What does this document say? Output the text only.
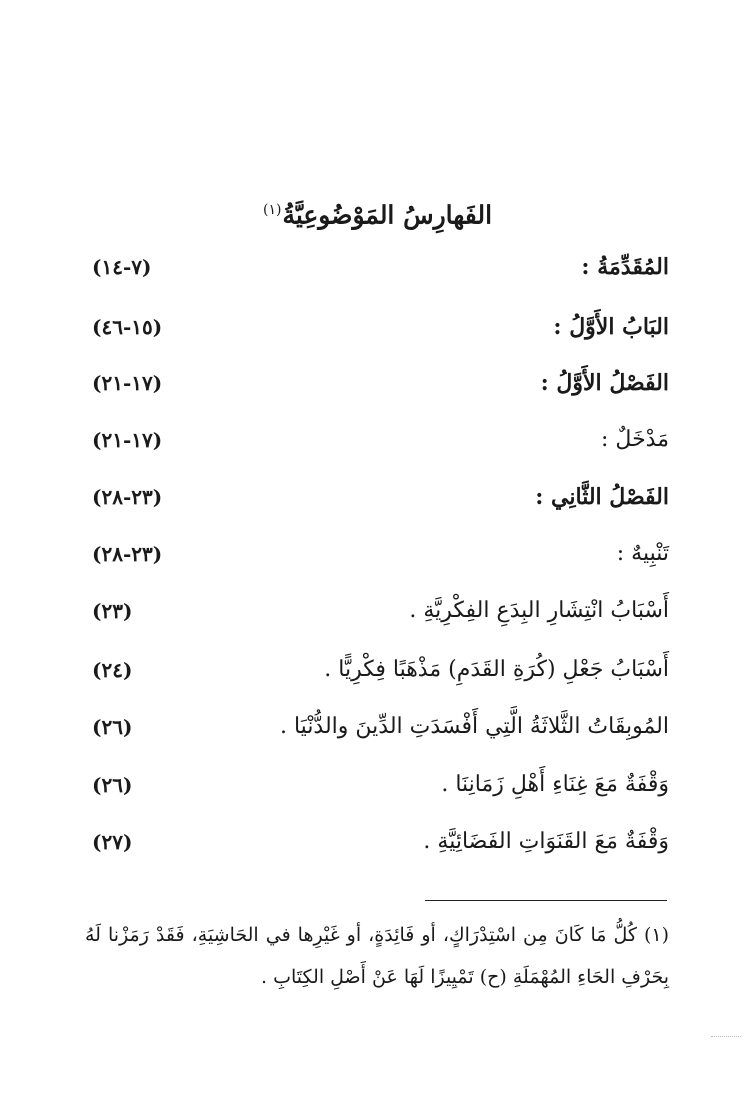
الفَهارِسُ المَوْضُوعِيَّةُ$^{(١)}$
المُقَدِّمَةُ :
(٧-١٤)
البَابُ الأَوَّلُ :
(١٥-٤٦)
الفَصْلُ الأَوَّلُ :
(١٧-٢١)
مَدْخَلٌ :
(١٧-٢١)
الفَصْلُ الثَّانِي :
(٢٣-٢٨)
تَنْبِيهٌ :
(٢٣-٢٨)
أَسْبَابُ انْتِشَارِ البِدَعِ الفِكْرِيَّةِ .
(٢٣)
أَسْبَابُ جَعْلِ (كُرَةِ القَدَمِ) مَذْهَبًا فِكْرِيًّا .
(٢٤)
المُوبِقَاتُ الثَّلاثَةُ الَّتِي أَفْسَدَتِ الدِّينَ والدُّنْيَا .
(٢٦)
وَقْفَةٌ مَعَ غِنَاءِ أَهْلِ زَمَانِنَا .
(٢٦)
وَقْفَةٌ مَعَ القَنَوَاتِ الفَضَائِيَّةِ .
(٢٧)
(١) كُلُّ مَا كَانَ مِن اسْتِدْرَاكٍ، أو فَائِدَةٍ، أو غَيْرِها في الحَاشِيَةِ، فَقَدْ رَمَزْنا لَهُ بِحَرْفِ الحَاءِ المُهْمَلَةِ (ح) تَمْيِيزًا لَهَا عَنْ أَصْلِ الكِتَابِ .
